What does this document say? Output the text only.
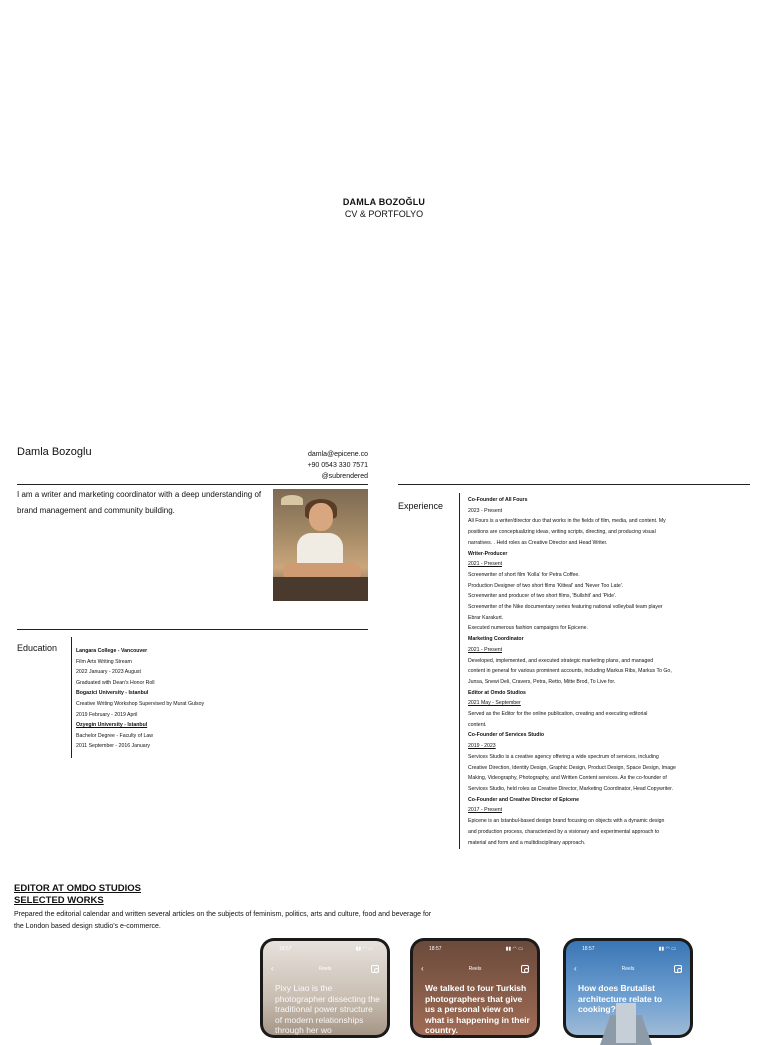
DAMLA BOZOĞLU
CV & PORTFOLYO
Damla Bozoglu	damla@epicene.co
+90 0543 330 7571
@subrendered
I am a writer and marketing coordinator with a deep understanding of brand management and community building.
Education	Langara College - Vancouver
Film Arts Writing Stream
2022 January - 2023 August
Graduated with Dean's Honor Roll
Bogazici University - Istanbul
Creative Writing Workshop Supervised by Murat Gulsoy
2019 February - 2019 April
Ozyegin University - Istanbul
Bachelor Degree - Faculty of Law
2011 September - 2016 January
Experience
Co-Founder of All Fours
2023 - Present
All Fours is a writer/director duo that works in the fields of film, media, and content. My
positions are conceptualizing ideas, writing scripts, directing, and producing visual
narratives. . Held roles as Creative Director and Head Writer.
Writer-Producer
2021 - Present
Screenwriter of short film 'Kolla' for Petra Coffee.
Production Designer of two short films 'Kitteal' and 'Never Too Late'.
Screenwriter and producer of two short films, 'Bullshit' and 'Pide'.
Screenwriter of the Nike documentary series featuring national volleyball team player
Ebrar Karakurt.
Executed numerous fashion campaigns for Epicene.
Marketing Coordinator
2021 - Present
Developed, implemented, and executed strategic marketing plans, and managed
content in general for various prominent accounts, including Markus Ribs, Markus To Go,
Junsa, Snewi Deli, Cravers, Petra, Retto, Mitte Brod, To Live for.
Editor at Omdo Studios
2021 May - September
Served as the Editor for the online publication, creating and executing editorial
content.
Co-Founder of Services Studio
2019 - 2023
Services Studio is a creative agency offering a wide spectrum of services, including
Creative Direction, Identity Design, Graphic Design, Product Design, Space Design, Image
Making, Videography, Photography, and Written Content services. As the co-founder of
Services Studio, held roles as Creative Director, Marketing Coordinator, Head Copywriter.
Co-Founder and Creative Director of Epicene
2017 - Present
Epicene is an Istanbul-based design brand focusing on objects with a dynamic design
and production process, characterized by a visionary and experimental approach to
material and form and a multidisciplinary approach.
EDITOR AT OMDO STUDIOS
SELECTED WORKS
Prepared the editorial calendar and written several articles on the subjects of feminism, politics, arts and culture, food and beverage for the London based design studio's e-commerce.
18:57	▮▮ ◠ ▭
‹	Reels
Pixy Liao is the photographer dissecting the traditional power structure of modern relationships through her wo
18:57	▮▮ ◠ ▭
‹	Reels
We talked to four Turkish photographers that give us a personal view on what is happening in their country.
18:57	▮▮ ◠ ▭
‹	Reels
How does Brutalist architecture relate to cooking?
